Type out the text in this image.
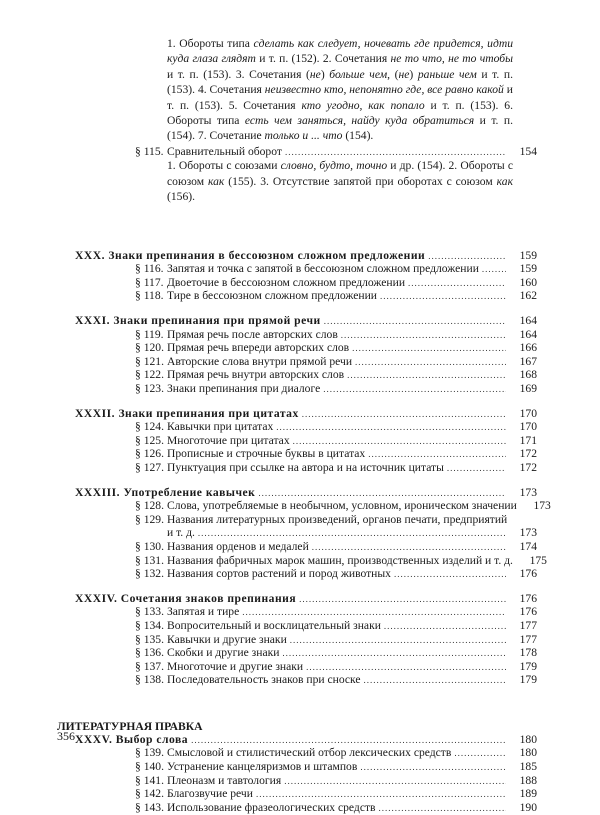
1. Обороты типа сделать как следует, ночевать где придется, идти куда глаза глядят и т. п. (152). 2. Сочетания не то что, не то чтобы и т. п. (153). 3. Сочетания (не) больше чем, (не) раньше чем и т. п. (153). 4. Сочетания неизвестно кто, непонятно где, все равно какой и т. п. (153). 5. Сочетания кто угодно, как попало и т. п. (153). 6. Обороты типа есть чем заняться, найду куда обратиться и т. п. (154). 7. Сочетание только и ... что (154).
§ 115. Сравнительный оборот .....	154
1. Обороты с союзами словно, будто, точно и др. (154). 2. Обороты с союзом как (155). 3. Отсутствие запятой при оборотах с союзом как (156).
XXX. Знаки препинания в бессоюзном сложном предложении .....	159
§ 116. Запятая и точка с запятой в бессоюзном сложном предложении .....	159
§ 117. Двоеточие в бессоюзном сложном предложении .....	160
§ 118. Тире в бессоюзном сложном предложении .....	162
XXXI. Знаки препинания при прямой речи .....	164
§ 119. Прямая речь после авторских слов .....	164
§ 120. Прямая речь впереди авторских слов .....	166
§ 121. Авторские слова внутри прямой речи .....	167
§ 122. Прямая речь внутри авторских слов .....	168
§ 123. Знаки препинания при диалоге .....	169
XXXII. Знаки препинания при цитатах .....	170
§ 124. Кавычки при цитатах .....	170
§ 125. Многоточие при цитатах .....	171
§ 126. Прописные и строчные буквы в цитатах .....	172
§ 127. Пунктуация при ссылке на автора и на источник цитаты .....	172
XXXIII. Употребление кавычек .....	173
§ 128. Слова, употребляемые в необычном, условном, ироническом значении	173
§ 129. Названия литературных произведений, органов печати, предприятий
и т. д. .....	173
§ 130. Названия орденов и медалей .....	174
§ 131. Названия фабричных марок машин, производственных изделий и т. д.	175
§ 132. Названия сортов растений и пород животных .....	176
XXXIV. Сочетания знаков препинания .....	176
§ 133. Запятая и тире .....	176
§ 134. Вопросительный и восклицательный знаки .....	177
§ 135. Кавычки и другие знаки .....	177
§ 136. Скобки и другие знаки .....	178
§ 137. Многоточие и другие знаки .....	179
§ 138. Последовательность знаков при сноске .....	179
ЛИТЕРАТУРНАЯ ПРАВКА
XXXV. Выбор слова .....	180
§ 139. Смысловой и стилистический отбор лексических средств .....	180
§ 140. Устранение канцеляризмов и штампов .....	185
§ 141. Плеоназм и тавтология .....	188
§ 142. Благозвучие речи .....	189
§ 143. Использование фразеологических средств .....	190
356
